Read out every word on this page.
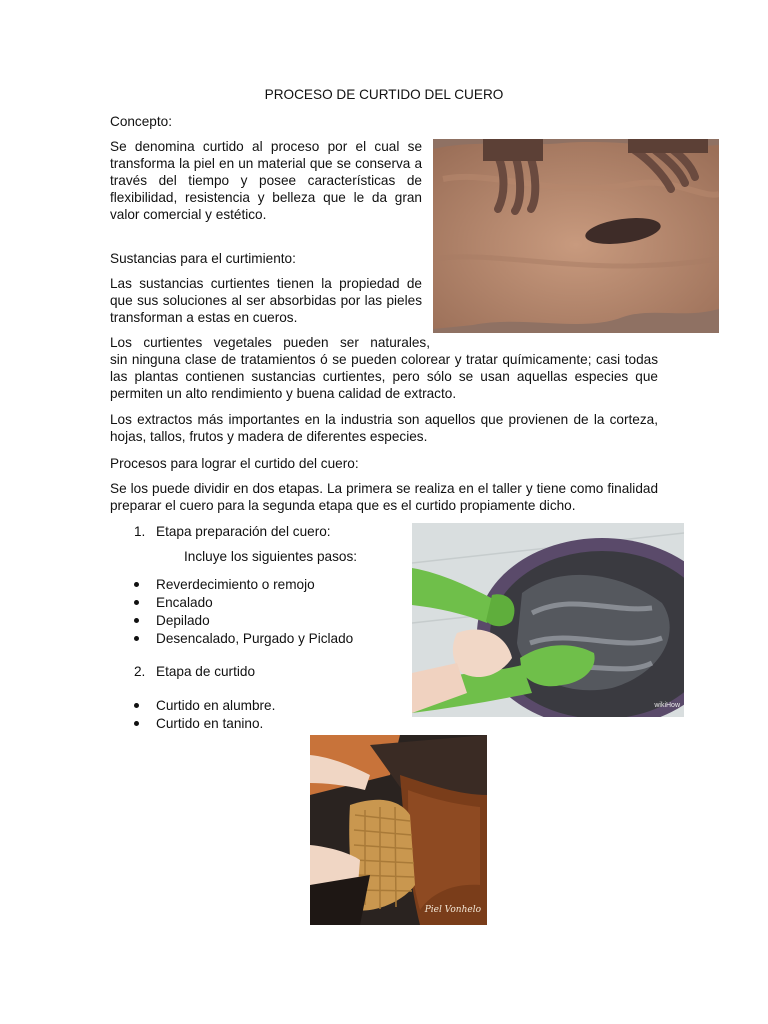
PROCESO DE CURTIDO DEL CUERO
Concepto:
Se denomina curtido al proceso por el cual se transforma la piel en un material que se conserva a través del tiempo y posee características de flexibilidad, resistencia y belleza que le da gran valor comercial y estético.
Sustancias para el curtimiento:
Las sustancias curtientes tienen la propiedad de que sus soluciones al ser absorbidas por las pieles transforman a estas en cueros.
Los curtientes vegetales pueden ser naturales,
sin ninguna clase de tratamientos ó se pueden colorear y tratar químicamente; casi todas las plantas contienen sustancias curtientes, pero sólo se usan aquellas especies que permiten un alto rendimiento y buena calidad de extracto.
Los extractos más importantes en la industria son aquellos que provienen de la corteza, hojas, tallos, frutos y madera de diferentes especies.
Procesos para lograr el curtido del cuero:
Se los puede dividir en dos etapas. La primera se realiza en el taller y tiene como finalidad preparar el cuero para la segunda etapa que es el curtido propiamente dicho.
wikiHow
1. Etapa preparación del cuero:
Incluye los siguientes pasos:
Reverdecimiento o remojo
Encalado
Depilado
Desencalado, Purgado y Piclado
2. Etapa de curtido
Curtido en alumbre.
Curtido en tanino.
Piel Vonhelo
